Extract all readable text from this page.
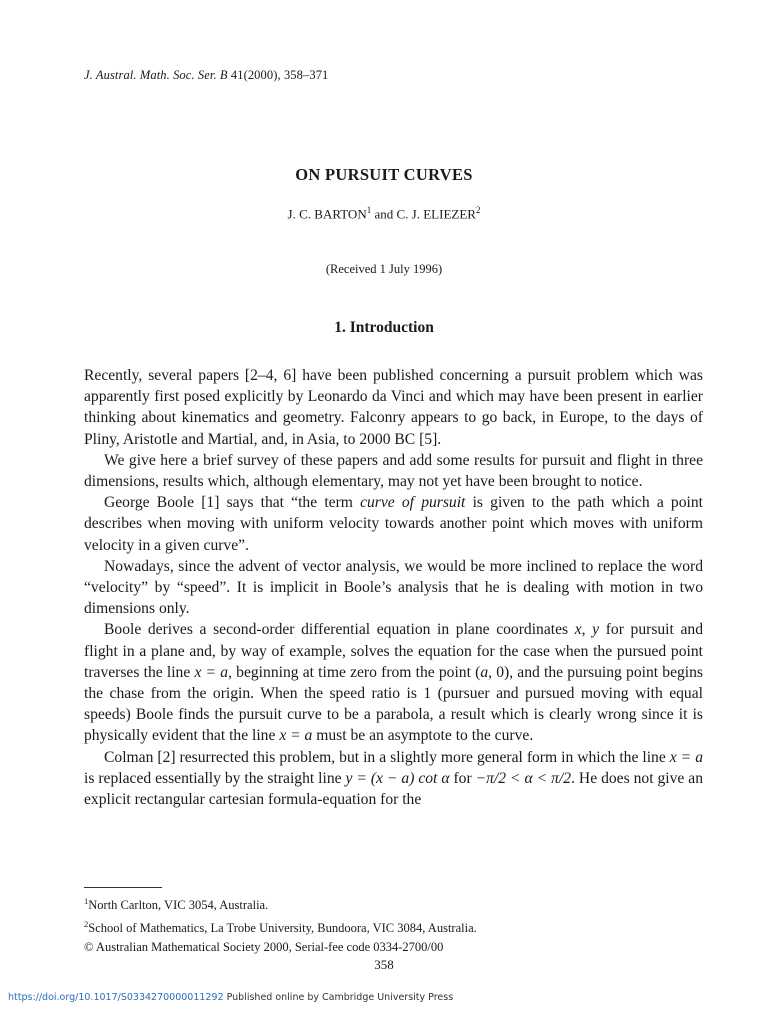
J. Austral. Math. Soc. Ser. B 41(2000), 358–371
ON PURSUIT CURVES
J. C. BARTON$^1$ and C. J. ELIEZER$^2$
(Received 1 July 1996)
1. Introduction

Recently, several papers [2–4, 6] have been published concerning a pursuit problem which was apparently first posed explicitly by Leonardo da Vinci and which may have been present in earlier thinking about kinematics and geometry. Falconry appears to go back, in Europe, to the days of Pliny, Aristotle and Martial, and, in Asia, to 2000 BC [5].

We give here a brief survey of these papers and add some results for pursuit and flight in three dimensions, results which, although elementary, may not yet have been brought to notice.

George Boole [1] says that “the term curve of pursuit is given to the path which a point describes when moving with uniform velocity towards another point which moves with uniform velocity in a given curve”.

Nowadays, since the advent of vector analysis, we would be more inclined to replace the word “velocity” by “speed”. It is implicit in Boole’s analysis that he is dealing with motion in two dimensions only.

Boole derives a second-order differential equation in plane coordinates x, y for pursuit and flight in a plane and, by way of example, solves the equation for the case when the pursued point traverses the line x = a, beginning at time zero from the point (a, 0), and the pursuing point begins the chase from the origin. When the speed ratio is 1 (pursuer and pursued moving with equal speeds) Boole finds the pursuit curve to be a parabola, a result which is clearly wrong since it is physically evident that the line x = a must be an asymptote to the curve.

Colman [2] resurrected this problem, but in a slightly more general form in which the line x = a is replaced essentially by the straight line y = (x − a) cot α for −π/2 < α < π/2. He does not give an explicit rectangular cartesian formula-equation for the

$^1$North Carlton, VIC 3054, Australia.
$^2$School of Mathematics, La Trobe University, Bundoora, VIC 3084, Australia.
© Australian Mathematical Society 2000, Serial-fee code 0334-2700/00
358
https://doi.org/10.1017/S0334270000011292 Published online by Cambridge University Press
